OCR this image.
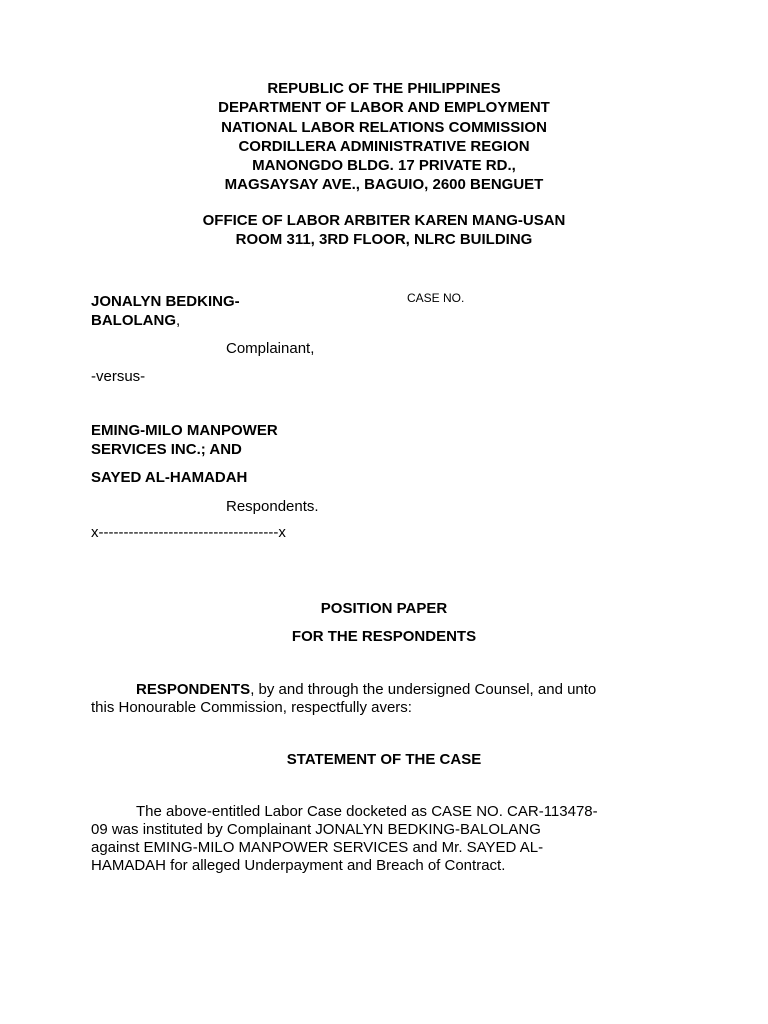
REPUBLIC OF THE PHILIPPINES
DEPARTMENT OF LABOR AND EMPLOYMENT
NATIONAL LABOR RELATIONS COMMISSION
CORDILLERA ADMINISTRATIVE REGION
MANONGDO BLDG. 17 PRIVATE RD.,
MAGSAYSAY AVE., BAGUIO, 2600 BENGUET
OFFICE OF LABOR ARBITER KAREN MANG-USAN
ROOM 311, 3RD FLOOR, NLRC BUILDING
JONALYN BEDKING-
BALOLANG,
CASE NO.
Complainant,
-versus-
EMING-MILO MANPOWER
SERVICES INC.; AND
SAYED AL-HAMADAH
Respondents.
x------------------------------------x
POSITION PAPER
FOR THE RESPONDENTS
RESPONDENTS, by and through the undersigned Counsel, and unto
this Honourable Commission, respectfully avers:
STATEMENT OF THE CASE
The above-entitled Labor Case docketed as CASE NO. CAR-113478-
09 was instituted by Complainant JONALYN BEDKING-BALOLANG
against EMING-MILO MANPOWER SERVICES and Mr. SAYED AL-
HAMADAH for alleged Underpayment and Breach of Contract.
